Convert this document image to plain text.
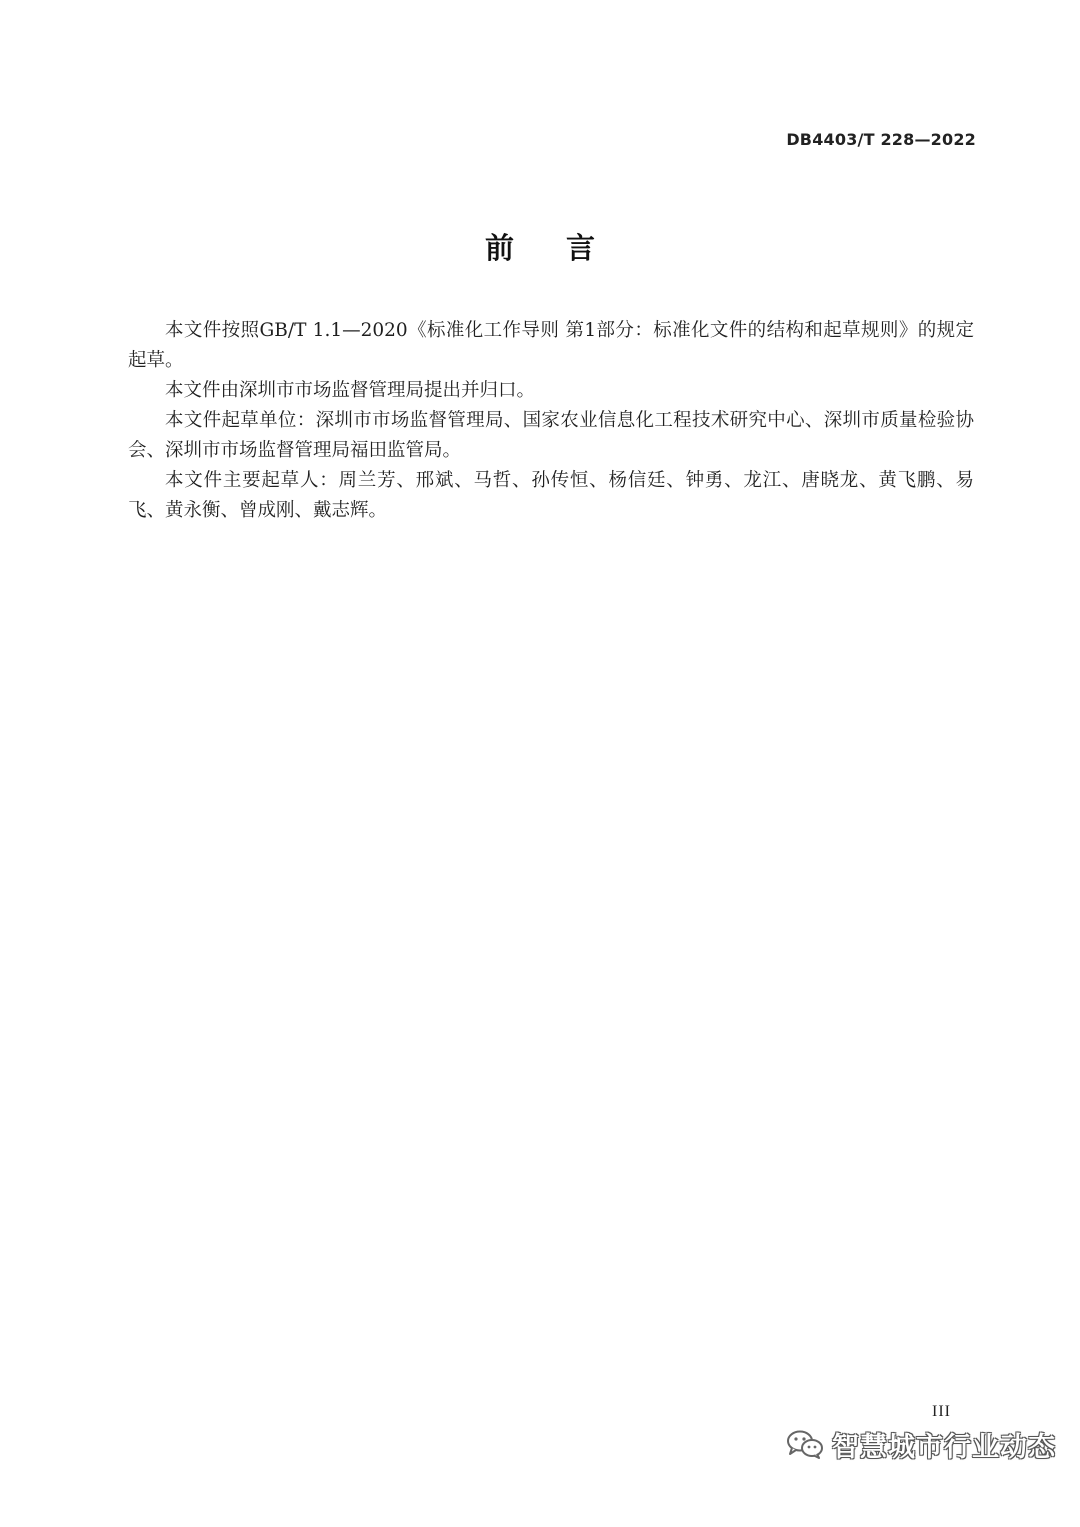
DB4403/T 228—2022
前言

本文件按照GB/T 1.1—2020《标准化工作导则 第1部分：标准化文件的结构和起草规则》的规定起草。

本文件由深圳市市场监督管理局提出并归口。

本文件起草单位：深圳市市场监督管理局、国家农业信息化工程技术研究中心、深圳市质量检验协会、深圳市市场监督管理局福田监管局。

本文件主要起草人：周兰芳、邢斌、马哲、孙传恒、杨信廷、钟勇、龙江、唐晓龙、黄飞鹏、易飞、黄永衡、曾成刚、戴志辉。

III
智慧城市行业动态
